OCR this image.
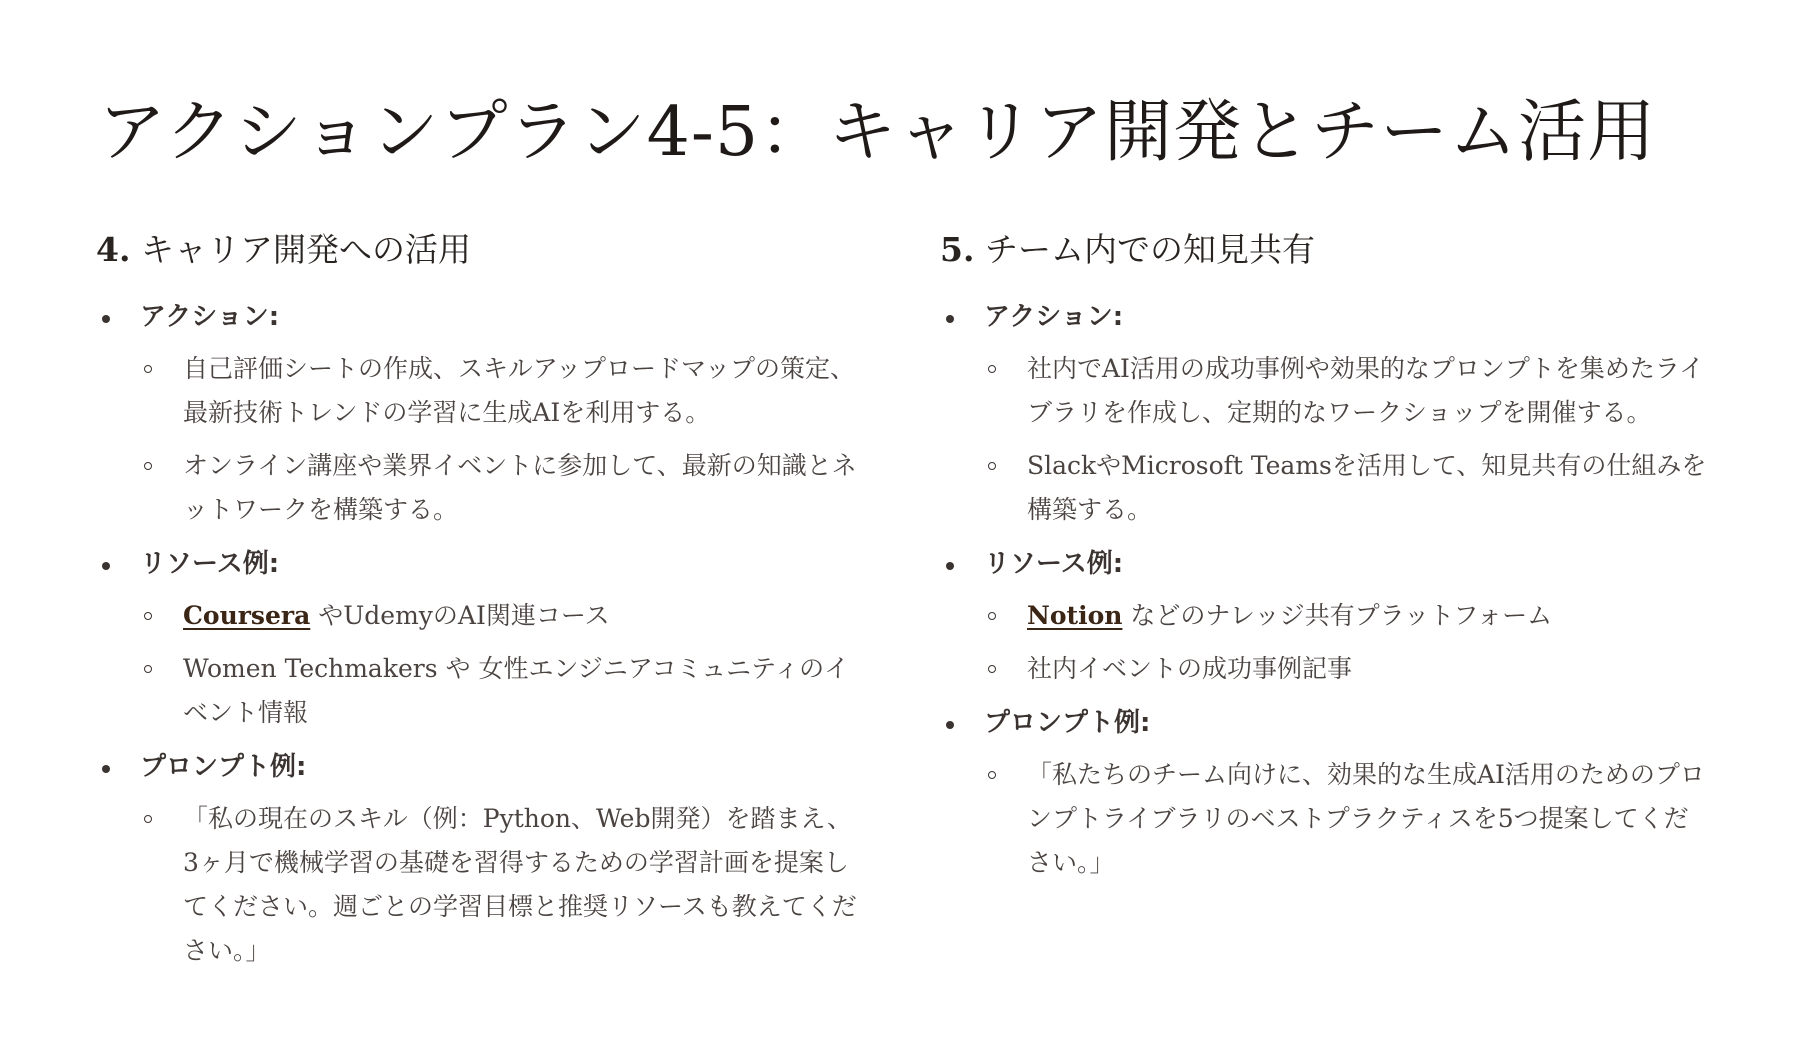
アクションプラン4-5：キャリア開発とチーム活用
4. キャリア開発への活用
アクション:
自己評価シートの作成、スキルアップロードマップの策定、最新技術トレンドの学習に生成AIを利用する。
オンライン講座や業界イベントに参加して、最新の知識とネットワークを構築する。
リソース例:
Coursera やUdemyのAI関連コース
Women Techmakers や 女性エンジニアコミュニティのイベント情報
プロンプト例:
「私の現在のスキル（例：Python、Web開発）を踏まえ、3ヶ月で機械学習の基礎を習得するための学習計画を提案してください。週ごとの学習目標と推奨リソースも教えてください。」
5. チーム内での知見共有
アクション:
社内でAI活用の成功事例や効果的なプロンプトを集めたライブラリを作成し、定期的なワークショップを開催する。
SlackやMicrosoft Teamsを活用して、知見共有の仕組みを構築する。
リソース例:
Notion などのナレッジ共有プラットフォーム
社内イベントの成功事例記事
プロンプト例:
「私たちのチーム向けに、効果的な生成AI活用のためのプロンプトライブラリのベストプラクティスを5つ提案してください。」
